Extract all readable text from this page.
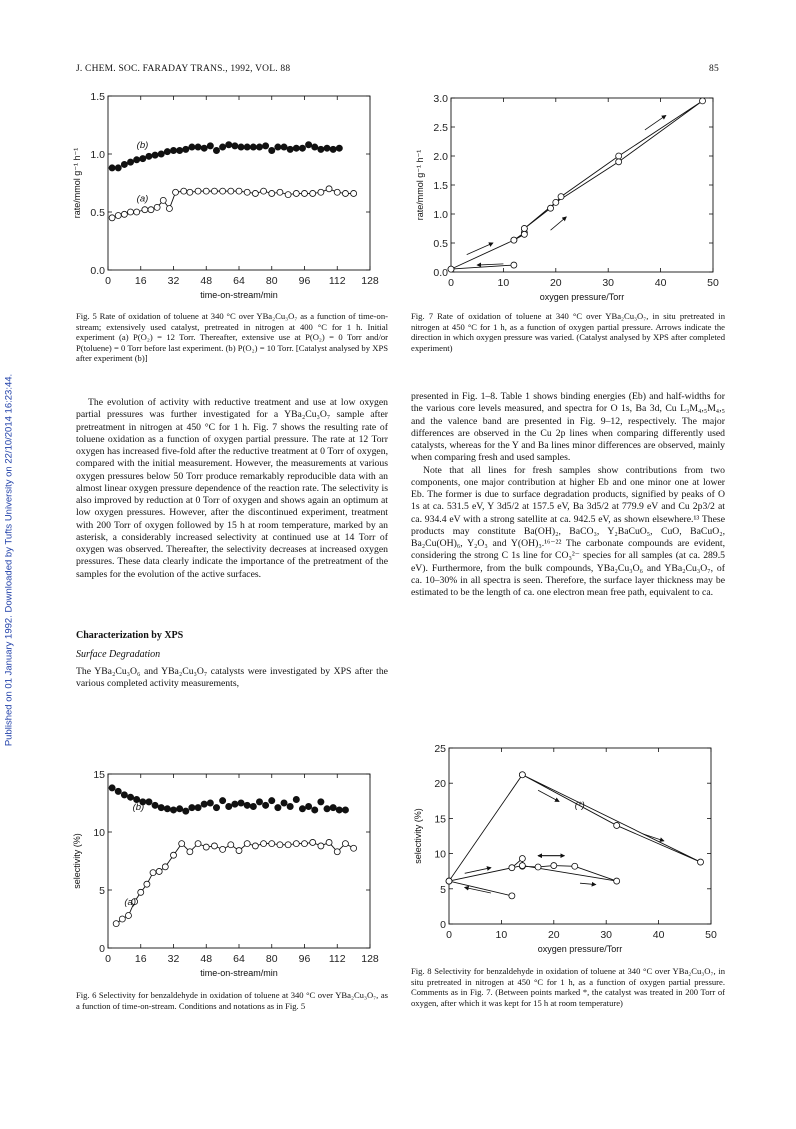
J. CHEM. SOC. FARADAY TRANS., 1992, VOL. 88	85
Published on 01 January 1992. Downloaded by Tufts University on 22/10/2014 16:23:44.
0 16 32 48 64 80 96 112 128
0.0
0.5
1.0
1.5
time-on-stream/min
rate/mmol g⁻¹ h⁻¹
(b)
(a)
0	10	20	30	40	50
0.0
0.5
1.0
1.5
2.0
2.5
3.0
oxygen pressure/Torr
rate/mmol g⁻¹ h⁻¹
0 16 32 48 64 80 96 112 128
0
5
10
15
time-on-stream/min
selectivity (%)
(b)
(a)
0	10	20	30	40	50
0
5
10
15
20
25
oxygen pressure/Torr
selectivity (%)
(*)
Fig. 5 Rate of oxidation of toluene at 340 °C over YBa₂Cu₃O₇ as a function of time-on-stream; extensively used catalyst, pretreated in nitrogen at 400 °C for 1 h. Initial experiment (a) P(O₂) = 12 Torr. Thereafter, extensive use at P(O₂) = 0 Torr and/or P(toluene) = 0 Torr before last experiment. (b) P(O₂) = 10 Torr. [Catalyst analysed by XPS after experiment (b)]
Fig. 7 Rate of oxidation of toluene at 340 °C over YBa₂Cu₃O₇, in situ pretreated in nitrogen at 450 °C for 1 h, as a function of oxygen partial pressure. Arrows indicate the direction in which oxygen pressure was varied. (Catalyst analysed by XPS after completed experiment)
Fig. 6 Selectivity for benzaldehyde in oxidation of toluene at 340 °C over YBa₂Cu₃O₇, as a function of time-on-stream. Conditions and notations as in Fig. 5
Fig. 8 Selectivity for benzaldehyde in oxidation of toluene at 340 °C over YBa₂Cu₃O₇, in situ pretreated in nitrogen at 450 °C for 1 h, as a function of oxygen partial pressure. Comments as in Fig. 7. (Between points marked *, the catalyst was treated in 200 Torr of oxygen, after which it was kept for 15 h at room temperature)

The evolution of activity with reductive treatment and use at low oxygen partial pressures was further investigated for a YBa₂Cu₃O₇ sample after pretreatment in nitrogen at 450 °C for 1 h. Fig. 7 shows the resulting rate of toluene oxidation as a function of oxygen partial pressure. The rate at 12 Torr oxygen has increased five-fold after the reductive treatment at 0 Torr of oxygen, compared with the initial measurement. However, the measurements at various oxygen pressures below 50 Torr produce remarkably reproducible data with an almost linear oxygen pressure dependence of the reaction rate. The selectivity is also improved by reduction at 0 Torr of oxygen and shows again an optimum at low oxygen pressures. However, after the discontinued experiment, treatment with 200 Torr of oxygen followed by 15 h at room temperature, marked by an asterisk, a considerably increased selectivity at continued use at 14 Torr of oxygen was observed. Thereafter, the selectivity decreases at increased oxygen pressures. These data clearly indicate the importance of the pretreatment of the samples for the evolution of the active surfaces.

Characterization by XPS
Surface Degradation

The YBa₂Cu₃O₆ and YBa₂Cu₃O₇ catalysts were investigated by XPS after the various completed activity measurements,

presented in Fig. 1–8. Table 1 shows binding energies (Eb) and half-widths for the various core levels measured, and spectra for O 1s, Ba 3d, Cu L₃M₄,₅M₄,₅ and the valence band are presented in Fig. 9–12, respectively. The major differences are observed in the Cu 2p lines when comparing differently used catalysts, whereas for the Y and Ba lines minor differences are observed, mainly when comparing fresh and used samples.

Note that all lines for fresh samples show contributions from two components, one major contribution at higher Eb and one minor one at lower Eb. The former is due to surface degradation products, signified by peaks of O 1s at ca. 531.5 eV, Y 3d5/2 at 157.5 eV, Ba 3d5/2 at 779.9 eV and Cu 2p3/2 at ca. 934.4 eV with a strong satellite at ca. 942.5 eV, as shown elsewhere.¹³ These products may constitute Ba(OH)₂, BaCO₃, Y₂BaCuO₅, CuO, BaCuO₂, Ba₂Cu(OH)₆, Y₂O₃ and Y(OH)₃.¹⁶⁻²² The carbonate compounds are evident, considering the strong C 1s line for CO₃²⁻ species for all samples (at ca. 289.5 eV). Furthermore, from the bulk compounds, YBa₂Cu₃O₆ and YBa₂Cu₃O₇, of ca. 10–30% in all spectra is seen. Therefore, the surface layer thickness may be estimated to be the length of ca. one electron mean free path, equivalent to ca.
